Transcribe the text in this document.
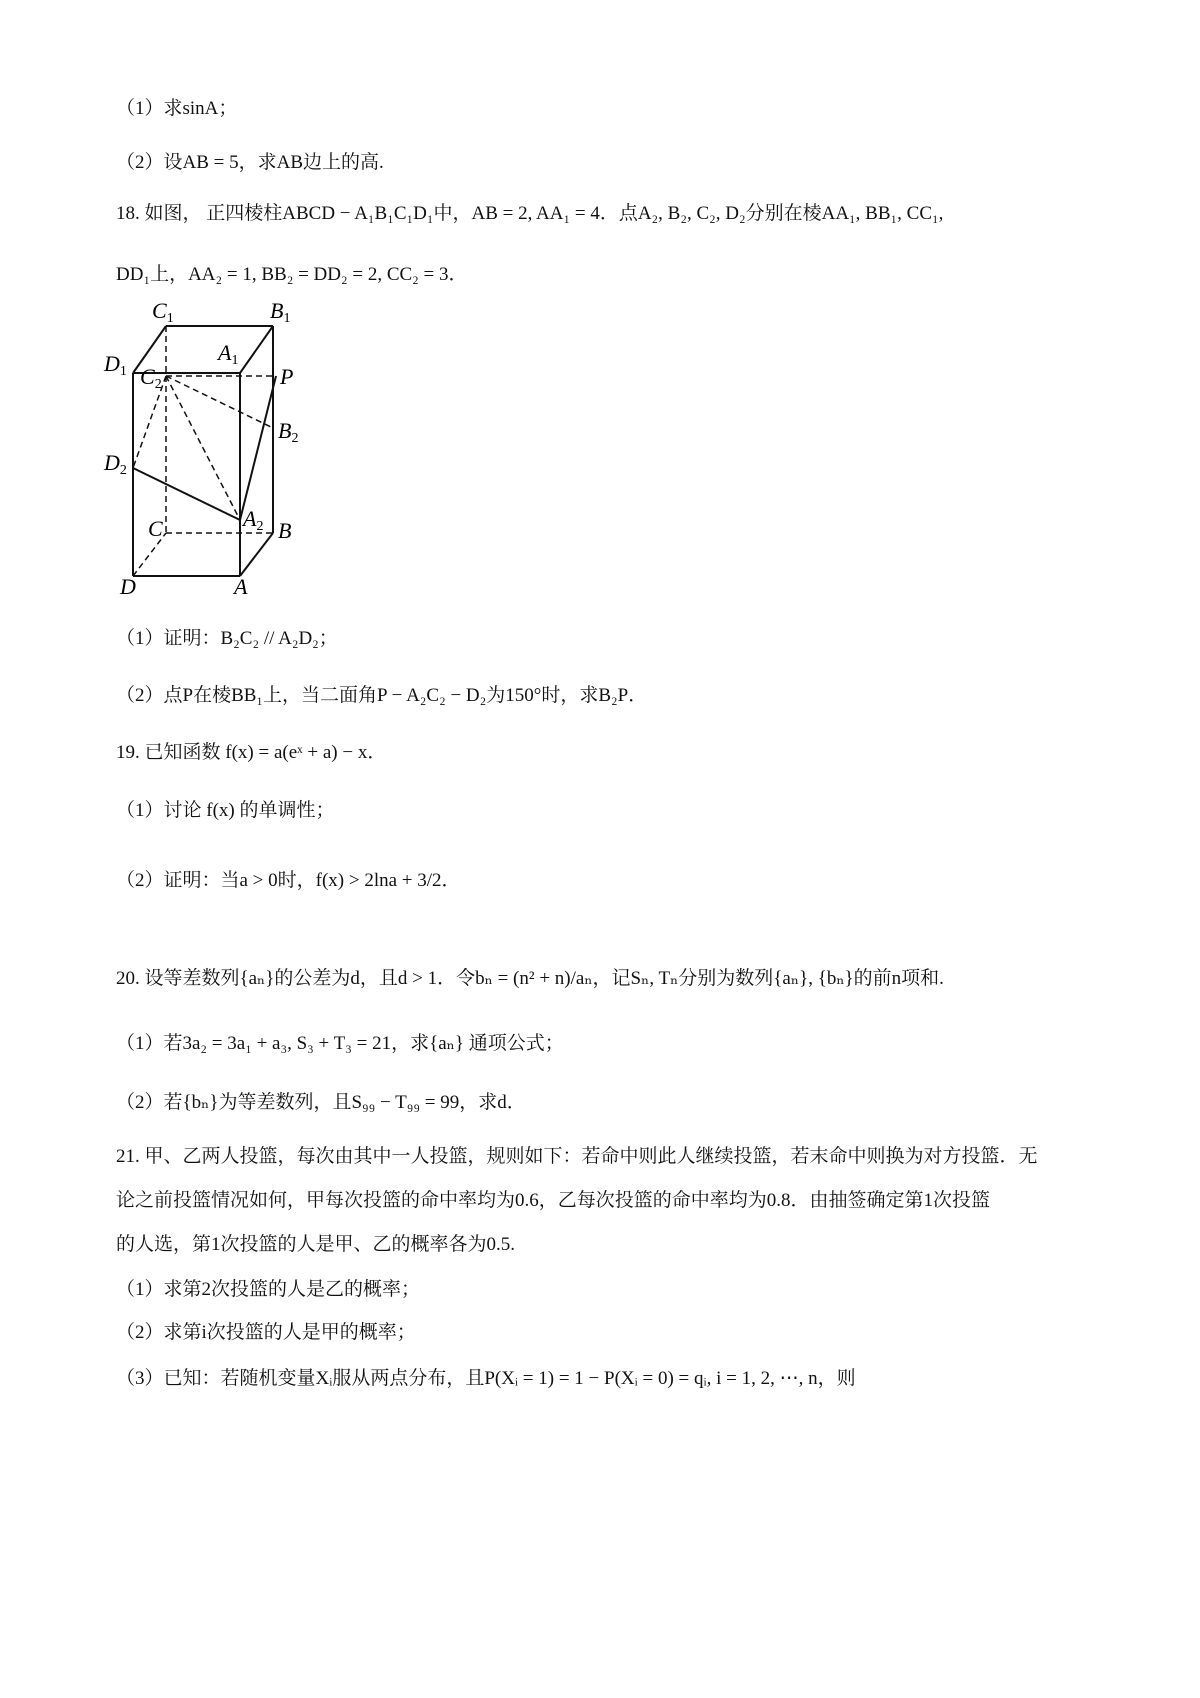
（1）求sinA；
（2）设AB = 5，求AB边上的高.
18. 如图， 正四棱柱ABCD − A₁B₁C₁D₁中，AB = 2, AA₁ = 4．点A₂, B₂, C₂, D₂分别在棱AA₁, BB₁, CC₁,
DD₁上，AA₂ = 1, BB₂ = DD₂ = 2, CC₂ = 3．
C1	B1
A1
D1 C2	P
B2
D2
A2
C	B
D	A
（1）证明：B₂C₂ // A₂D₂；
（2）点P在棱BB₁上，当二面角P − A₂C₂ − D₂为150°时，求B₂P．
19. 已知函数 f(x) = a(eˣ + a) − x．
（1）讨论 f(x) 的单调性；
（2）证明：当a > 0时，f(x) > 2lna + 3/2．
20. 设等差数列{aₙ}的公差为d，且d > 1．令bₙ = (n² + n)/aₙ，记Sₙ, Tₙ分别为数列{aₙ}, {bₙ}的前n项和.
（1）若3a₂ = 3a₁ + a₃, S₃ + T₃ = 21，求{aₙ} 通项公式；
（2）若{bₙ}为等差数列，且S₉₉ − T₉₉ = 99，求d．
21. 甲、乙两人投篮，每次由其中一人投篮，规则如下：若命中则此人继续投篮，若末命中则换为对方投篮．无
论之前投篮情况如何，甲每次投篮的命中率均为0.6，乙每次投篮的命中率均为0.8．由抽签确定第1次投篮
的人选，第1次投篮的人是甲、乙的概率各为0.5.
（1）求第2次投篮的人是乙的概率；
（2）求第i次投篮的人是甲的概率；
（3）已知：若随机变量Xᵢ服从两点分布，且P(Xᵢ = 1) = 1 − P(Xᵢ = 0) = qᵢ, i = 1, 2, ⋯, n，则
